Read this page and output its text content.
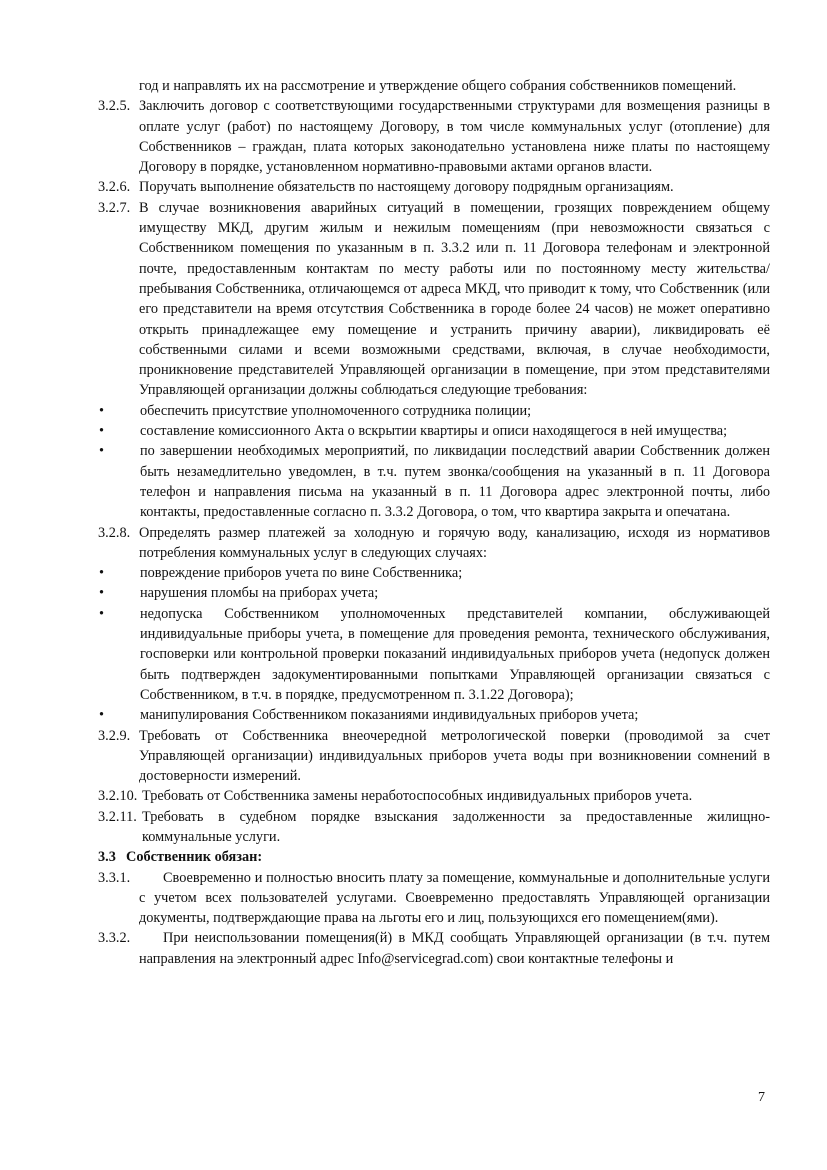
год и направлять их на рассмотрение и утверждение общего собрания собственников помещений.
3.2.5. Заключить договор с соответствующими государственными структурами для возмещения разницы в оплате услуг (работ) по настоящему Договору, в том числе коммунальных услуг (отопление) для Собственников – граждан, плата которых законодательно установлена ниже платы по настоящему Договору в порядке, установленном нормативно-правовыми актами органов власти.
3.2.6. Поручать выполнение обязательств по настоящему договору подрядным организациям.
3.2.7. В случае возникновения аварийных ситуаций в помещении, грозящих повреждением общему имуществу МКД, другим жилым и нежилым помещениям (при невозможности связаться с Собственником помещения по указанным в п. 3.3.2 или п. 11 Договора телефонам и электронной почте, предоставленным контактам по месту работы или по постоянному месту жительства/пребывания Собственника, отличающемся от адреса МКД, что приводит к тому, что Собственник (или его представители на время отсутствия Собственника в городе более 24 часов) не может оперативно открыть принадлежащее ему помещение и устранить причину аварии), ликвидировать её собственными силами и всеми возможными средствами, включая, в случае необходимости, проникновение представителей Управляющей организации в помещение, при этом представителями Управляющей организации должны соблюдаться следующие требования:
•	обеспечить присутствие уполномоченного сотрудника полиции;
•	составление комиссионного Акта о вскрытии квартиры и описи находящегося в ней имущества;
•	по завершении необходимых мероприятий, по ликвидации последствий аварии Собственник должен быть незамедлительно уведомлен, в т.ч. путем звонка/сообщения на указанный в п. 11 Договора телефон и направления письма на указанный в п. 11 Договора адрес электронной почты, либо контакты, предоставленные согласно п. 3.3.2 Договора, о том, что квартира закрыта и опечатана.
3.2.8. Определять размер платежей за холодную и горячую воду, канализацию, исходя из нормативов потребления коммунальных услуг в следующих случаях:
•	повреждение приборов учета по вине Собственника;
•	нарушения пломбы на приборах учета;
•	недопуска Собственником уполномоченных представителей компании, обслуживающей индивидуальные приборы учета, в помещение для проведения ремонта, технического обслуживания, госповерки или контрольной проверки показаний индивидуальных приборов учета (недопуск должен быть подтвержден задокументированными попытками Управляющей организации связаться с Собственником, в т.ч. в порядке, предусмотренном п. 3.1.22 Договора);
•	манипулирования Собственником показаниями индивидуальных приборов учета;
3.2.9. Требовать от Собственника внеочередной метрологической поверки (проводимой за счет Управляющей организации) индивидуальных приборов учета воды при возникновении сомнений в достоверности измерений.
3.2.10. Требовать от Собственника замены неработоспособных индивидуальных приборов учета.
3.2.11. Требовать в судебном порядке взыскания задолженности за предоставленные жилищно-коммунальные услуги.
3.3 Собственник обязан:
3.3.1.	Своевременно и полностью вносить плату за помещение, коммунальные и дополнительные услуги с учетом всех пользователей услугами. Своевременно предоставлять Управляющей организации документы, подтверждающие права на льготы его и лиц, пользующихся его помещением(ями).
3.3.2.	При неиспользовании помещения(й) в МКД сообщать Управляющей организации (в т.ч. путем направления на электронный адрес Info@servicegrad.com) свои контактные телефоны и
7
